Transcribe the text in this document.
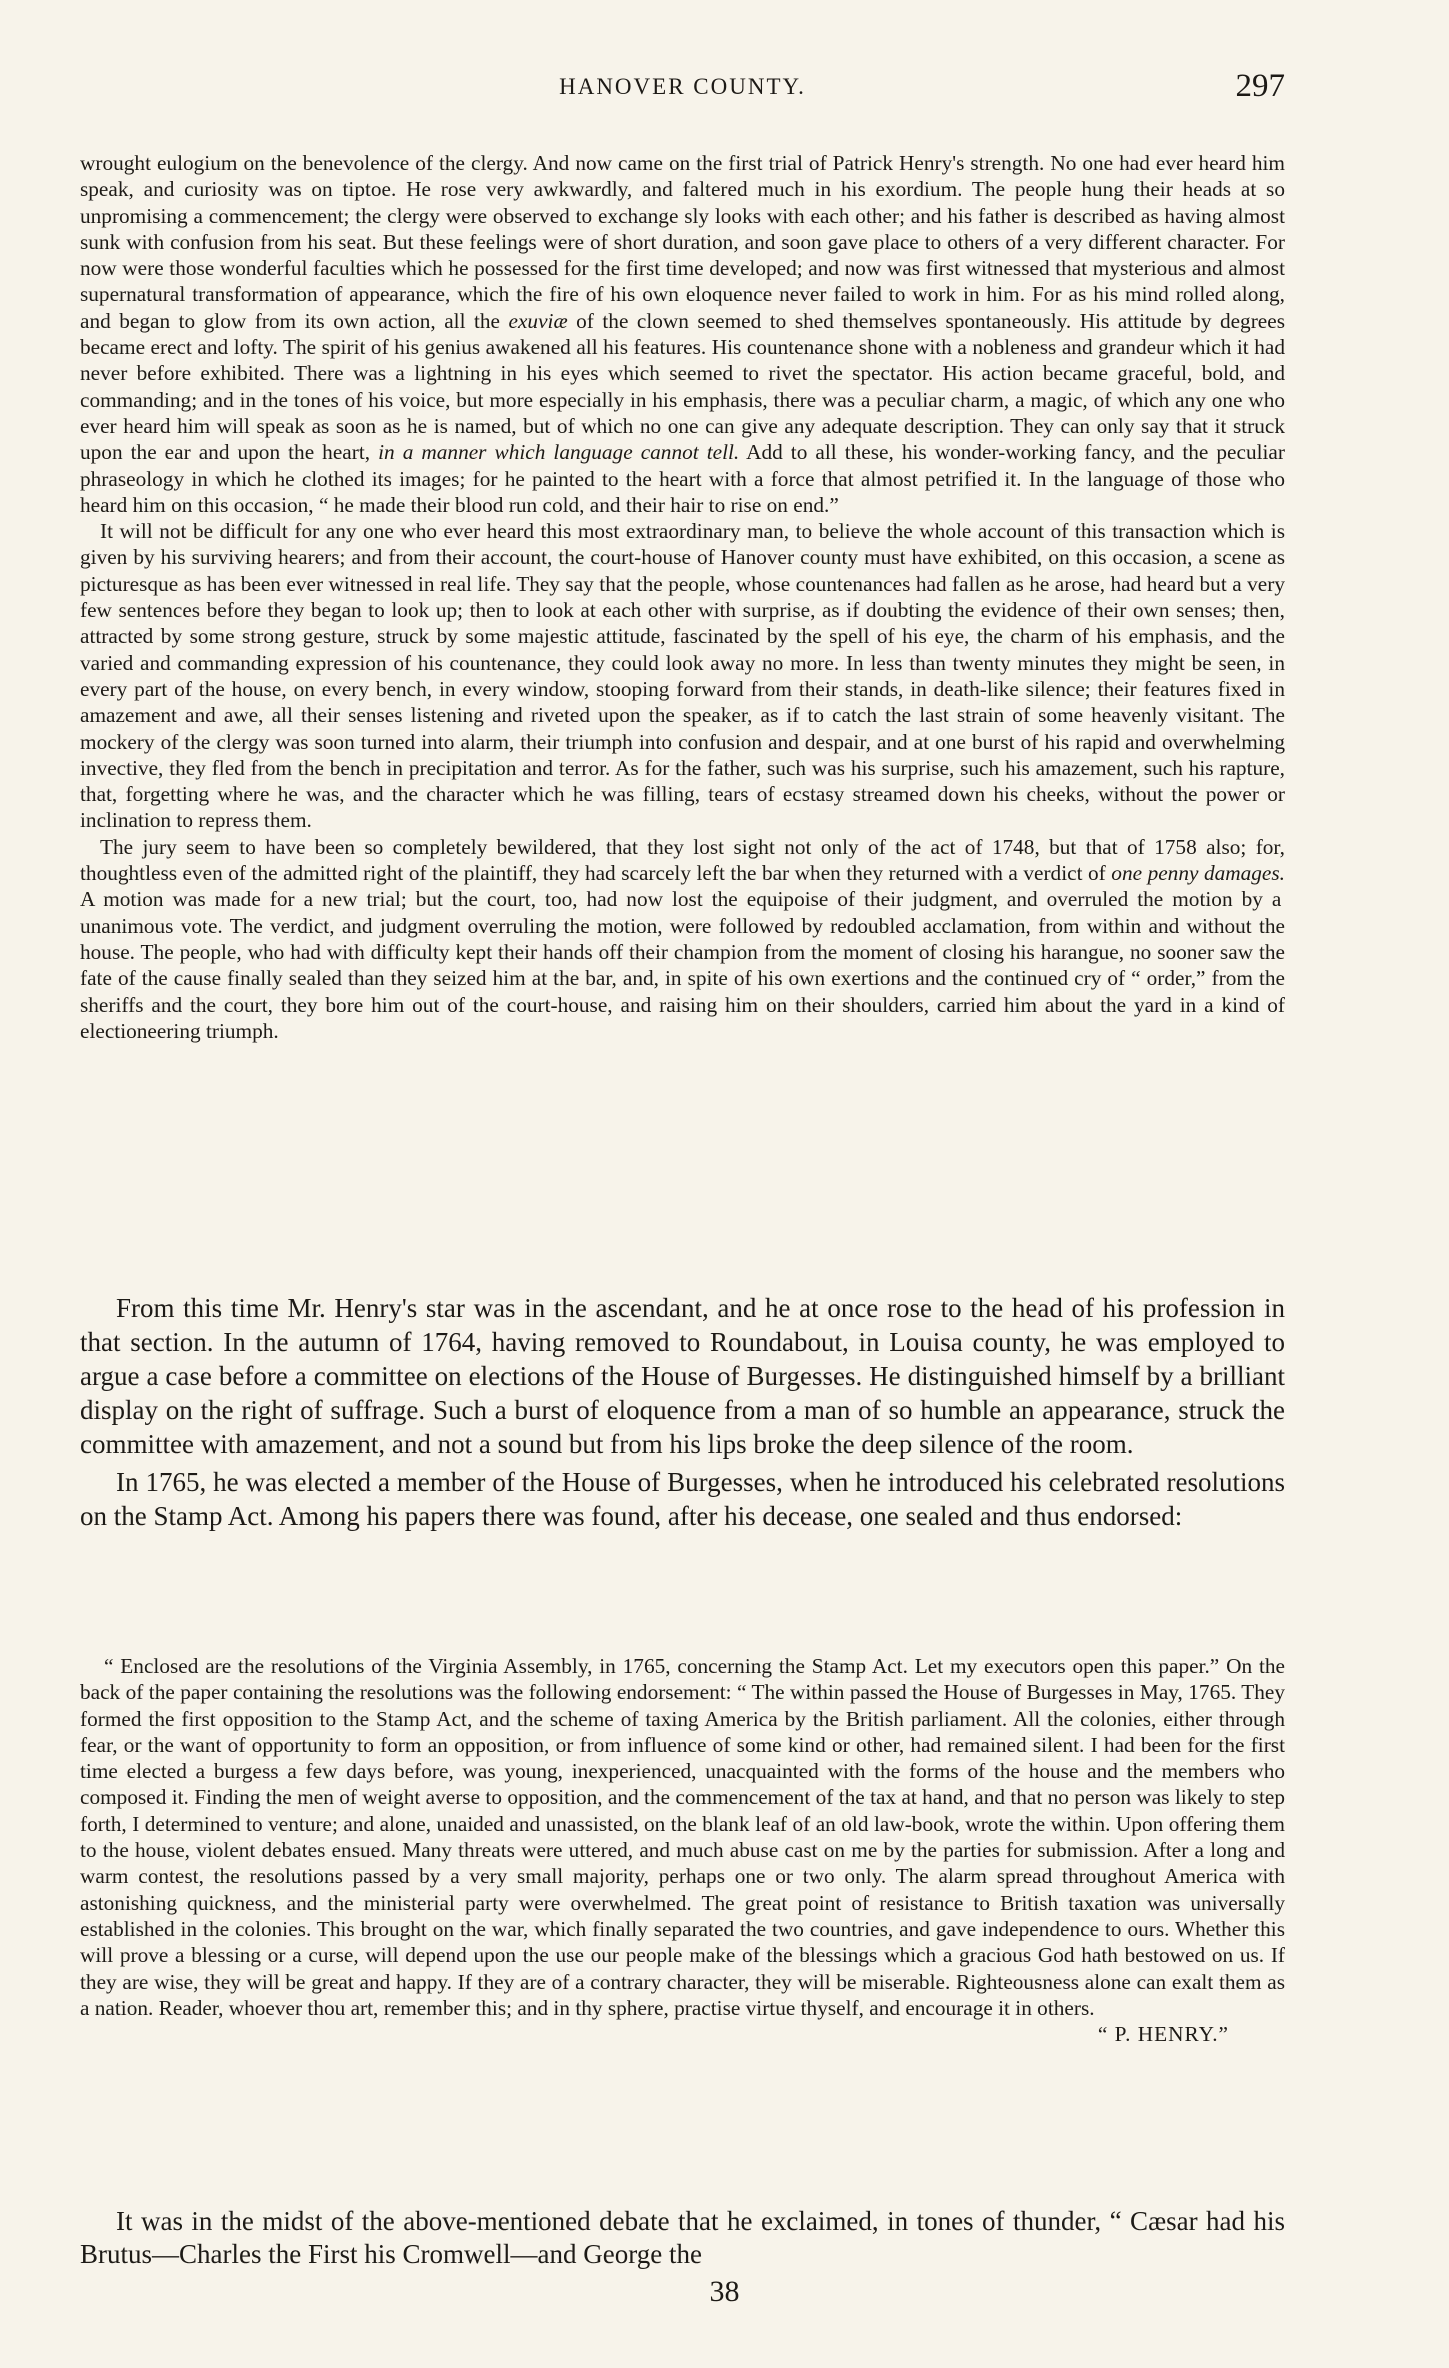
HANOVER COUNTY.	297

wrought eulogium on the benevolence of the clergy. And now came on the first trial of Patrick Henry's strength. No one had ever heard him speak, and curiosity was on tiptoe. He rose very awkwardly, and faltered much in his exordium. The people hung their heads at so unpromising a commencement; the clergy were observed to exchange sly looks with each other; and his father is described as having almost sunk with confusion from his seat. But these feelings were of short duration, and soon gave place to others of a very different character. For now were those wonderful faculties which he possessed for the first time developed; and now was first witnessed that mysterious and almost supernatural transformation of appearance, which the fire of his own eloquence never failed to work in him. For as his mind rolled along, and began to glow from its own action, all the exuviæ of the clown seemed to shed themselves spontaneously. His attitude by degrees became erect and lofty. The spirit of his genius awakened all his features. His countenance shone with a nobleness and grandeur which it had never before exhibited. There was a lightning in his eyes which seemed to rivet the spectator. His action became graceful, bold, and commanding; and in the tones of his voice, but more especially in his emphasis, there was a peculiar charm, a magic, of which any one who ever heard him will speak as soon as he is named, but of which no one can give any adequate description. They can only say that it struck upon the ear and upon the heart, in a manner which language cannot tell. Add to all these, his wonder-working fancy, and the peculiar phraseology in which he clothed its images; for he painted to the heart with a force that almost petrified it. In the language of those who heard him on this occasion, “ he made their blood run cold, and their hair to rise on end.”

It will not be difficult for any one who ever heard this most extraordinary man, to believe the whole account of this transaction which is given by his surviving hearers; and from their account, the court-house of Hanover county must have exhibited, on this occasion, a scene as picturesque as has been ever witnessed in real life. They say that the people, whose countenances had fallen as he arose, had heard but a very few sentences before they began to look up; then to look at each other with surprise, as if doubting the evidence of their own senses; then, attracted by some strong gesture, struck by some majestic attitude, fascinated by the spell of his eye, the charm of his emphasis, and the varied and commanding expression of his countenance, they could look away no more. In less than twenty minutes they might be seen, in every part of the house, on every bench, in every window, stooping forward from their stands, in death-like silence; their features fixed in amazement and awe, all their senses listening and riveted upon the speaker, as if to catch the last strain of some heavenly visitant. The mockery of the clergy was soon turned into alarm, their triumph into confusion and despair, and at one burst of his rapid and overwhelming invective, they fled from the bench in precipitation and terror. As for the father, such was his surprise, such his amazement, such his rapture, that, forgetting where he was, and the character which he was filling, tears of ecstasy streamed down his cheeks, without the power or inclination to repress them.

The jury seem to have been so completely bewildered, that they lost sight not only of the act of 1748, but that of 1758 also; for, thoughtless even of the admitted right of the plaintiff, they had scarcely left the bar when they returned with a verdict of one penny damages. A motion was made for a new trial; but the court, too, had now lost the equipoise of their judgment, and overruled the motion by a unanimous vote. The verdict, and judgment overruling the motion, were followed by redoubled acclamation, from within and without the house. The people, who had with difficulty kept their hands off their champion from the moment of closing his harangue, no sooner saw the fate of the cause finally sealed than they seized him at the bar, and, in spite of his own exertions and the continued cry of “ order,” from the sheriffs and the court, they bore him out of the court-house, and raising him on their shoulders, carried him about the yard in a kind of electioneering triumph.

From this time Mr. Henry's star was in the ascendant, and he at once rose to the head of his profession in that section. In the autumn of 1764, having removed to Roundabout, in Louisa county, he was employed to argue a case before a committee on elections of the House of Burgesses. He distinguished himself by a brilliant display on the right of suffrage. Such a burst of eloquence from a man of so humble an appearance, struck the committee with amazement, and not a sound but from his lips broke the deep silence of the room.

In 1765, he was elected a member of the House of Burgesses, when he introduced his celebrated resolutions on the Stamp Act. Among his papers there was found, after his decease, one sealed and thus endorsed:

“ Enclosed are the resolutions of the Virginia Assembly, in 1765, concerning the Stamp Act. Let my executors open this paper.” On the back of the paper containing the resolutions was the following endorsement: “ The within passed the House of Burgesses in May, 1765. They formed the first opposition to the Stamp Act, and the scheme of taxing America by the British parliament. All the colonies, either through fear, or the want of opportunity to form an opposition, or from influence of some kind or other, had remained silent. I had been for the first time elected a burgess a few days before, was young, inexperienced, unacquainted with the forms of the house and the members who composed it. Finding the men of weight averse to opposition, and the commencement of the tax at hand, and that no person was likely to step forth, I determined to venture; and alone, unaided and unassisted, on the blank leaf of an old law-book, wrote the within. Upon offering them to the house, violent debates ensued. Many threats were uttered, and much abuse cast on me by the parties for submission. After a long and warm contest, the resolutions passed by a very small majority, perhaps one or two only. The alarm spread throughout America with astonishing quickness, and the ministerial party were overwhelmed. The great point of resistance to British taxation was universally established in the colonies. This brought on the war, which finally separated the two countries, and gave independence to ours. Whether this will prove a blessing or a curse, will depend upon the use our people make of the blessings which a gracious God hath bestowed on us. If they are wise, they will be great and happy. If they are of a contrary character, they will be miserable. Righteousness alone can exalt them as a nation. Reader, whoever thou art, remember this; and in thy sphere, practise virtue thyself, and encourage it in others.

“ P. HENRY.”

It was in the midst of the above-mentioned debate that he exclaimed, in tones of thunder, “ Cæsar had his Brutus—Charles the First his Cromwell—and George the

38
